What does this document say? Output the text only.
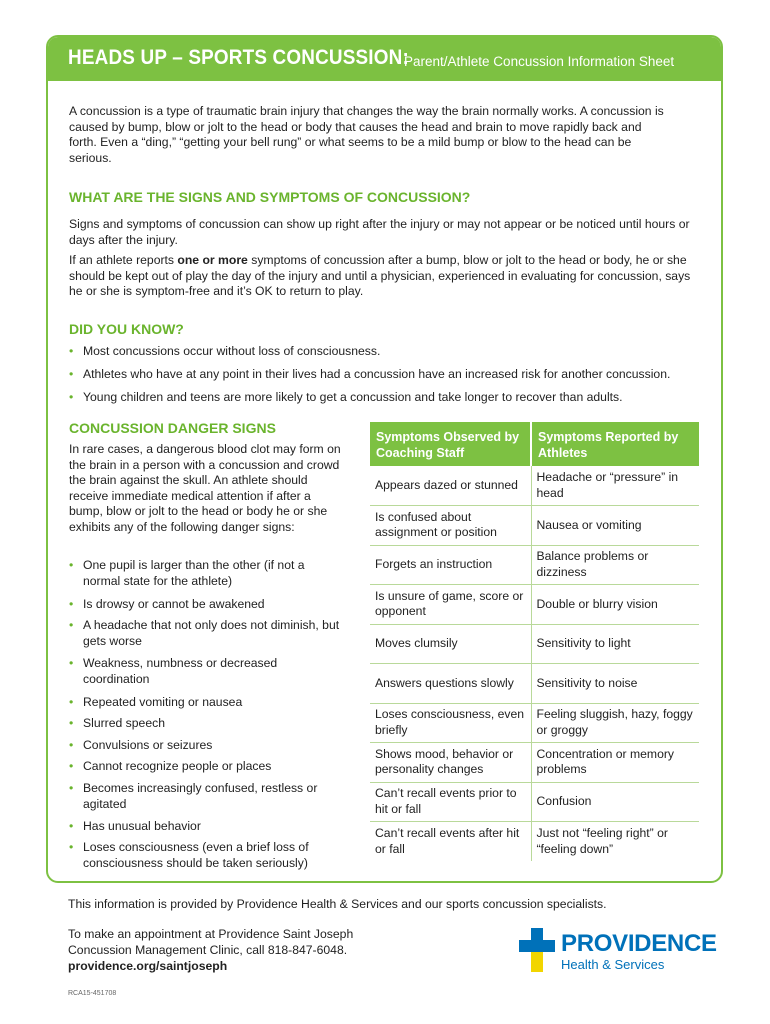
HEADS UP – SPORTS CONCUSSION:
Parent/Athlete Concussion Information Sheet
A concussion is a type of traumatic brain injury that changes the way the brain normally works. A concussion is caused by bump, blow or jolt to the head or body that causes the head and brain to move rapidly back and forth. Even a “ding,” “getting your bell rung” or what seems to be a mild bump or blow to the head can be serious.
WHAT ARE THE SIGNS AND SYMPTOMS OF CONCUSSION?
Signs and symptoms of concussion can show up right after the injury or may not appear or be noticed until hours or days after the injury.
If an athlete reports one or more symptoms of concussion after a bump, blow or jolt to the head or body, he or she should be kept out of play the day of the injury and until a physician, experienced in evaluating for concussion, says he or she is symptom-free and it’s OK to return to play.
DID YOU KNOW?
• Most concussions occur without loss of consciousness.
• Athletes who have at any point in their lives had a concussion have an increased risk for another concussion.
• Young children and teens are more likely to get a concussion and take longer to recover than adults.
CONCUSSION DANGER SIGNS
In rare cases, a dangerous blood clot may form on the brain in a person with a concussion and crowd the brain against the skull. An athlete should receive immediate medical attention if after a bump, blow or jolt to the head or body he or she exhibits any of the following danger signs:
• One pupil is larger than the other (if not a normal state for the athlete)
• Is drowsy or cannot be awakened
• A headache that not only does not diminish, but gets worse
• Weakness, numbness or decreased coordination
• Repeated vomiting or nausea
• Slurred speech
• Convulsions or seizures
• Cannot recognize people or places
• Becomes increasingly confused, restless or agitated
• Has unusual behavior
• Loses consciousness (even a brief loss of consciousness should be taken seriously)
Symptoms Observed by Coaching Staff	Symptoms Reported by Athletes
Appears dazed or stunned	Headache or “pressure” in head
Is confused about assignment or position	Nausea or vomiting
Forgets an instruction	Balance problems or dizziness
Is unsure of game, score or opponent	Double or blurry vision
Moves clumsily	Sensitivity to light
Answers questions slowly	Sensitivity to noise
Loses consciousness, even briefly	Feeling sluggish, hazy, foggy or groggy
Shows mood, behavior or personality changes	Concentration or memory problems
Can’t recall events prior to hit or fall	Confusion
Can’t recall events after hit or fall	Just not “feeling right” or “feeling down”
This information is provided by Providence Health & Services and our sports concussion specialists.
To make an appointment at Providence Saint Joseph
Concussion Management Clinic, call 818-847-6048.
providence.org/saintjoseph
RCA15-451708
PROVIDENCE
Health & Services
